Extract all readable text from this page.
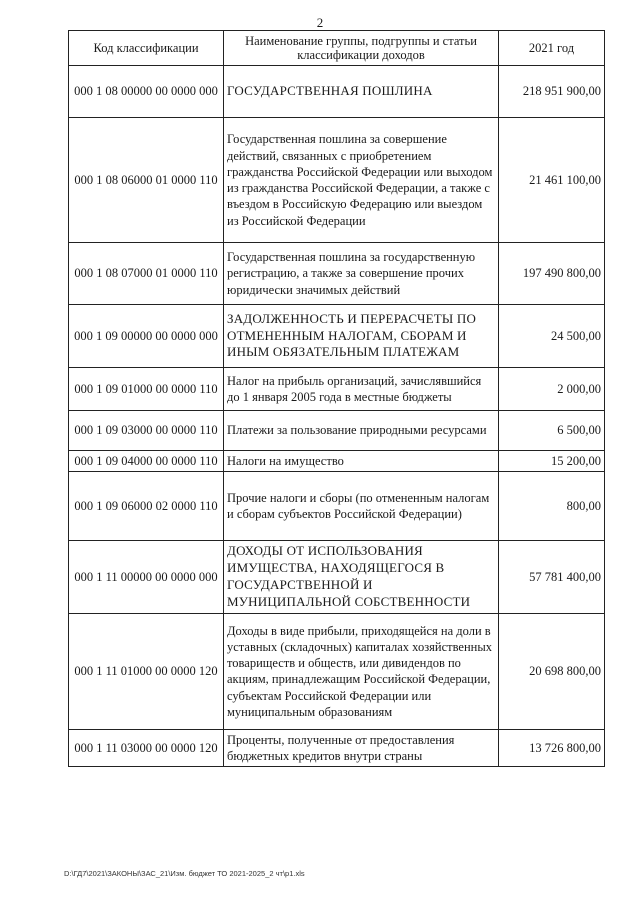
2
Код классификации	Наименование группы, подгруппы и статьи классификации доходов	2021 год
000 1 08 00000 00 0000 000	ГОСУДАРСТВЕННАЯ ПОШЛИНА	218 951 900,00
000 1 08 06000 01 0000 110	Государственная пошлина за совершение действий, связанных с приобретением гражданства Российской Федерации или выходом из гражданства Российской Федерации, а также с въездом в Российскую Федерацию или выездом из Российской Федерации	21 461 100,00
000 1 08 07000 01 0000 110	Государственная пошлина за государственную регистрацию, а также за совершение прочих юридически значимых действий	197 490 800,00
000 1 09 00000 00 0000 000	ЗАДОЛЖЕННОСТЬ И ПЕРЕРАСЧЕТЫ ПО ОТМЕНЕННЫМ НАЛОГАМ, СБОРАМ И ИНЫМ ОБЯЗАТЕЛЬНЫМ ПЛАТЕЖАМ	24 500,00
000 1 09 01000 00 0000 110	Налог на прибыль организаций, зачислявшийся до 1 января 2005 года в местные бюджеты	2 000,00
000 1 09 03000 00 0000 110	Платежи за пользование природными ресурсами	6 500,00
000 1 09 04000 00 0000 110	Налоги на имущество	15 200,00
000 1 09 06000 02 0000 110	Прочие налоги и сборы (по отмененным налогам и сборам субъектов Российской Федерации)	800,00
000 1 11 00000 00 0000 000	ДОХОДЫ ОТ ИСПОЛЬЗОВАНИЯ ИМУЩЕСТВА, НАХОДЯЩЕГОСЯ В ГОСУДАРСТВЕННОЙ И МУНИЦИПАЛЬНОЙ СОБСТВЕННОСТИ	57 781 400,00
000 1 11 01000 00 0000 120	Доходы в виде прибыли, приходящейся на доли в уставных (складочных) капиталах хозяйственных товариществ и обществ, или дивидендов по акциям, принадлежащим Российской Федерации, субъектам Российской Федерации или муниципальным образованиям	20 698 800,00
000 1 11 03000 00 0000 120	Проценты, полученные от предоставления бюджетных кредитов внутри страны	13 726 800,00
D:\ГД7\2021\ЗАКОНЫ\ЗАС_21\Изм. бюджет ТО 2021-2025_2 чт\р1.xls
